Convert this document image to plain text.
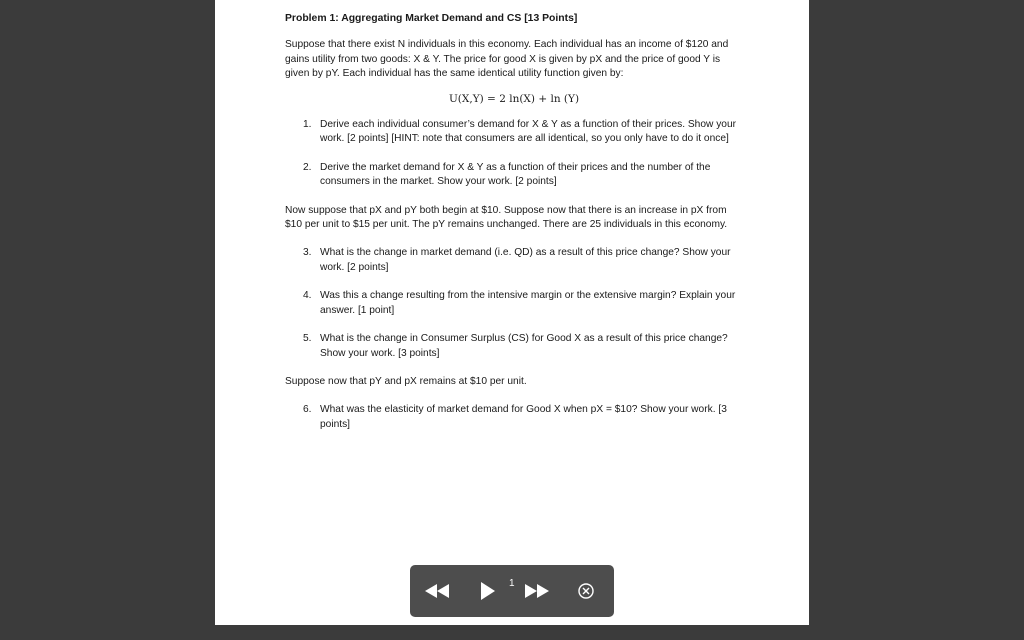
Problem 1: Aggregating Market Demand and CS [13 Points]

Suppose that there exist N individuals in this economy. Each individual has an income of $120 and gains utility from two goods: X & Y. The price for good X is given by pX and the price of good Y is given by pY. Each individual has the same identical utility function given by:

U(X,Y) = 2 ln(X) + ln (Y)

1. Derive each individual consumer’s demand for X & Y as a function of their prices. Show your work. [2 points] [HINT: note that consumers are all identical, so you only have to do it once]
2. Derive the market demand for X & Y as a function of their prices and the number of the consumers in the market. Show your work. [2 points]

Now suppose that pX and pY both begin at $10. Suppose now that there is an increase in pX from $10 per unit to $15 per unit. The pY remains unchanged. There are 25 individuals in this economy.

3. What is the change in market demand (i.e. QD) as a result of this price change? Show your work. [2 points]
4. Was this a change resulting from the intensive margin or the extensive margin? Explain your answer. [1 point]
5. What is the change in Consumer Surplus (CS) for Good X as a result of this price change? Show your work. [3 points]

Suppose now that pY and pX remains at $10 per unit.

6. What was the elasticity of market demand for Good X when pX = $10? Show your work. [3 points]
1
